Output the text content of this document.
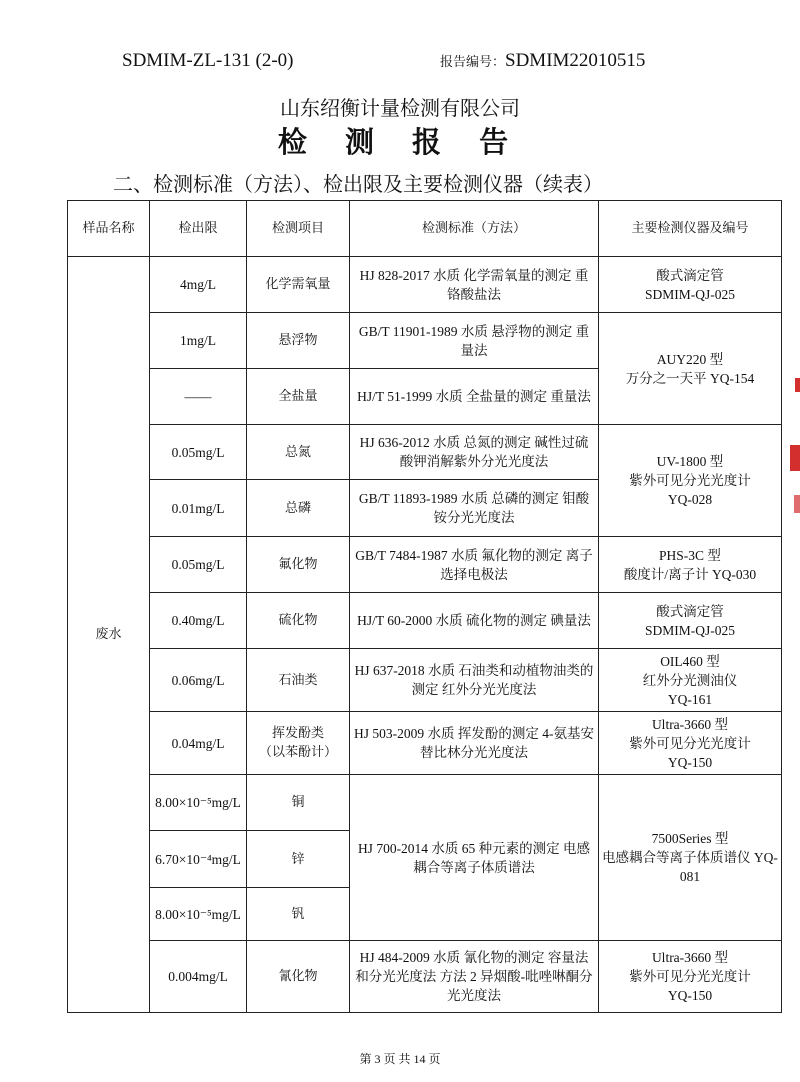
SDMIM-ZL-131 (2-0)	报告编号：SDMIM22010515
山东绍衡计量检测有限公司
检 测 报 告
二、检测标准（方法）、检出限及主要检测仪器（续表）
样品名称	检出限	检测项目	检测标准（方法）	主要检测仪器及编号
废水	4mg/L	化学需氧量	HJ 828-2017 水质 化学需氧量的测定 重铬酸盐法	酸式滴定管
SDMIM-QJ-025
	1mg/L	悬浮物	GB/T 11901-1989 水质 悬浮物的测定 重量法	AUY220 型
万分之一天平 YQ-154
	——	全盐量	HJ/T 51-1999 水质 全盐量的测定 重量法	
	0.05mg/L	总氮	HJ 636-2012 水质 总氮的测定 碱性过硫酸钾消解紫外分光光度法	UV-1800 型
紫外可见分光光度计
YQ-028
	0.01mg/L	总磷	GB/T 11893-1989 水质 总磷的测定 钼酸铵分光光度法	
	0.05mg/L	氟化物	GB/T 7484-1987 水质 氟化物的测定 离子选择电极法	PHS-3C 型
酸度计/离子计 YQ-030
	0.40mg/L	硫化物	HJ/T 60-2000 水质 硫化物的测定 碘量法	酸式滴定管
SDMIM-QJ-025
	0.06mg/L	石油类	HJ 637-2018 水质 石油类和动植物油类的测定 红外分光光度法	OIL460 型
红外分光测油仪
YQ-161
	0.04mg/L	挥发酚类
（以苯酚计）	HJ 503-2009 水质 挥发酚的测定 4-氨基安替比林分光光度法	Ultra-3660 型
紫外可见分光光度计
YQ-150
	8.00×10⁻⁵mg/L	铜	HJ 700-2014 水质 65 种元素的测定 电感耦合等离子体质谱法	7500Series 型
电感耦合等离子体质谱仪 YQ-081
	6.70×10⁻⁴mg/L	锌		
	8.00×10⁻⁵mg/L	钒		
	0.004mg/L	氰化物	HJ 484-2009 水质 氰化物的测定 容量法和分光光度法 方法 2 异烟酸-吡唑啉酮分光光度法	Ultra-3660 型
紫外可见分光光度计
YQ-150
第 3 页 共 14 页
